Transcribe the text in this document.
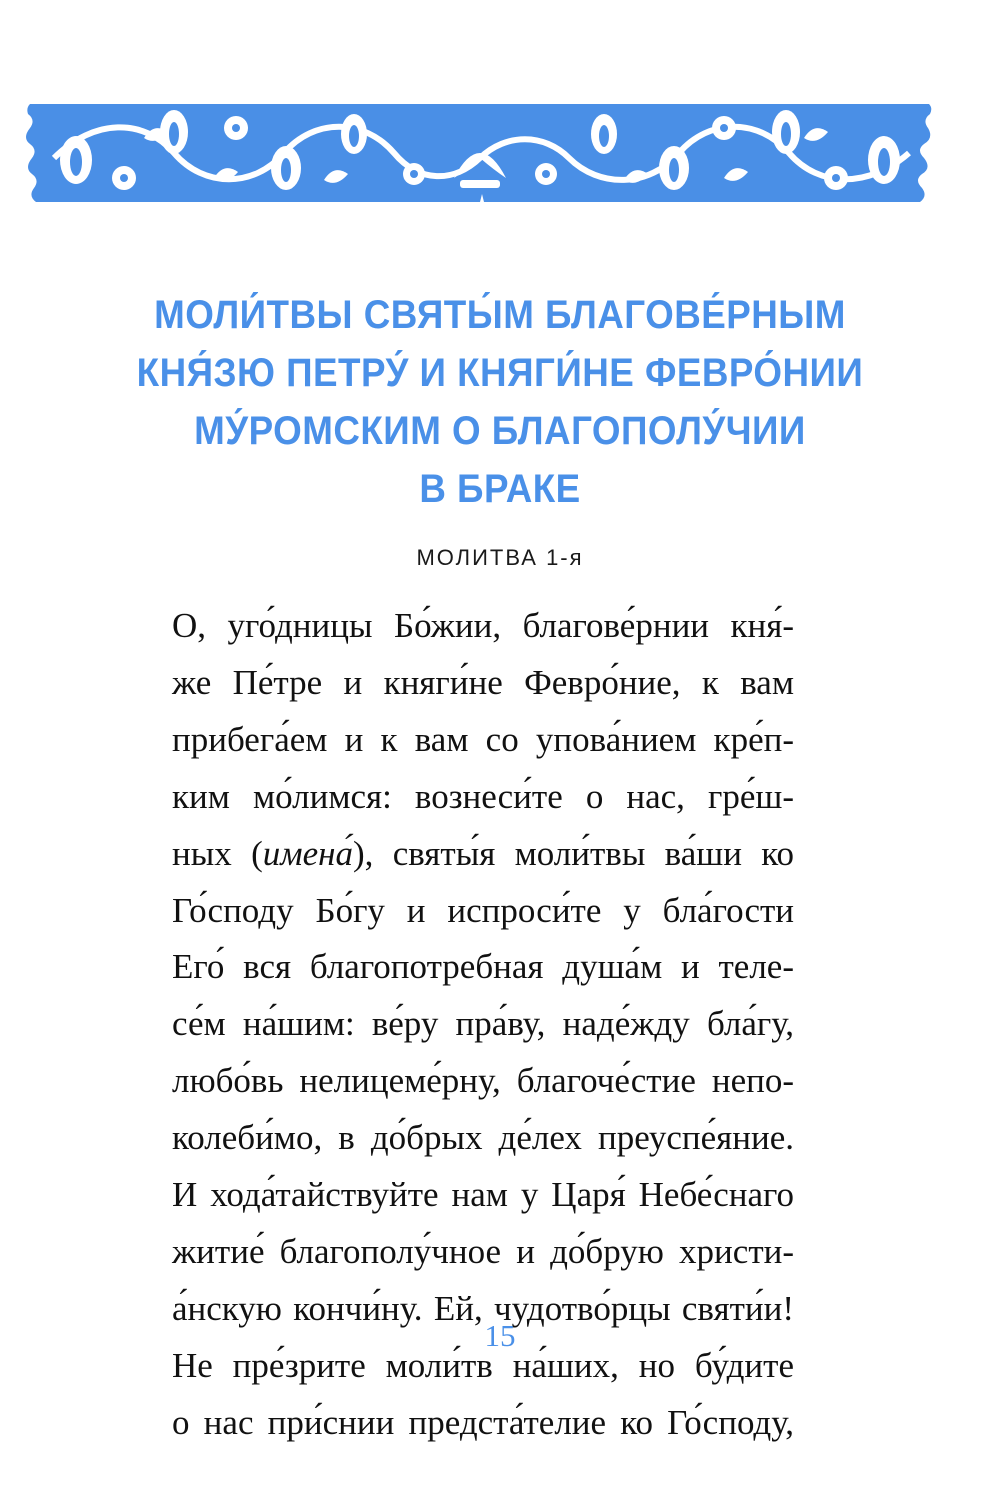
МОЛИ́ТВЫ СВЯТЫ́М БЛАГОВЕ́РНЫМ
КНЯ́ЗЮ ПЕТРУ́ И КНЯГИ́НЕ ФЕВРО́НИИ
МУ́РОМСКИМ О БЛАГОПОЛУ́ЧИИ
В БРАКЕ
МОЛИТВА 1-я
О, уго́дницы Бо́жии, благове́рнии кня́-
же Пе́тре и княги́не Февро́ние, к вам
прибега́ем и к вам со упова́нием кре́п-
ким мо́лимся: вознеси́те о нас, гре́ш-
ных (имена́), святы́я моли́твы ва́ши ко
Го́споду Бо́гу и испроси́те у бла́гости
Его́ вся благопотребная душа́м и теле-
се́м на́шим: ве́ру пра́ву, наде́жду бла́гу,
любо́вь нелицеме́рну, благоче́стие непо-
колеби́мо, в до́брых де́лех преуспе́яние.
И хода́тайствуйте нам у Царя́ Небе́снаго
житие́ благополу́чное и до́брую христи-
а́нскую кончи́ну. Ей, чудотво́рцы святи́и!
Не пре́зрите моли́тв на́ших, но бу́дите
о нас при́снии предста́телие ко Го́споду,
15
